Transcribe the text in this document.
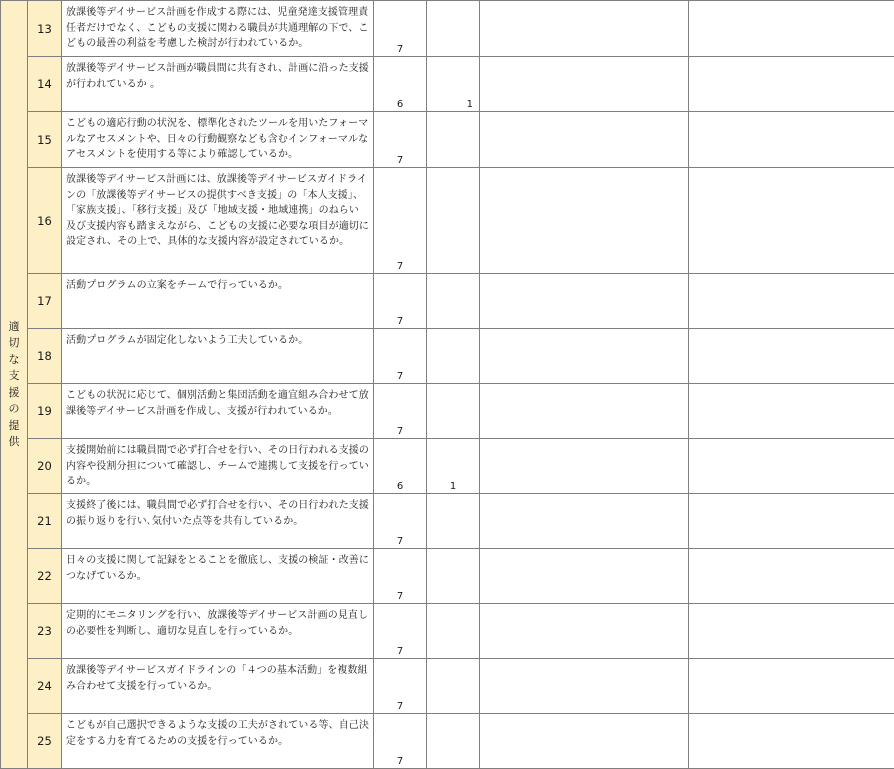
適切な支援の提供	13	放課後等デイサービス計画を作成する際には、児童発達支援管理責任者だけでなく、こどもの支援に関わる職員が共通理解の下で、こどもの最善の利益を考慮した検討が行われているか。	7			
	14	放課後等デイサービス計画が職員間に共有され、計画に沿った支援が行われているか 。	6	1		
	15	こどもの適応行動の状況を、標準化されたツールを用いたフォーマルなアセスメントや、日々の行動観察なども含むインフォーマルなアセスメントを使用する等により確認しているか。	7			
	16	放課後等デイサービス計画には、放課後等デイサービスガイドラインの「放課後等デイサービスの提供すべき支援」の「本人支援」、「家族支援」、「移行支援」及び「地域支援・地域連携」のねらい及び支援内容も踏まえながら、こどもの支援に必要な項目が適切に設定され、その上で、具体的な支援内容が設定されているか。	7			
	17	活動プログラムの立案をチームで行っているか。	7			
	18	活動プログラムが固定化しないよう工夫しているか。	7			
	19	こどもの状況に応じて、個別活動と集団活動を適宜組み合わせて放課後等デイサービス計画を作成し、支援が行われているか。	7			
	20	支援開始前には職員間で必ず打合せを行い、その日行われる支援の内容や役割分担について確認し、チームで連携して支援を行っているか。	6	1		
	21	支援終了後には、職員間で必ず打合せを行い、その日行われた支援の振り返りを行い､気付いた点等を共有しているか。	7			
	22	日々の支援に関して記録をとることを徹底し、支援の検証・改善につなげているか。	7			
	23	定期的にモニタリングを行い、放課後等デイサービス計画の見直しの必要性を判断し、適切な見直しを行っているか。	7			
	24	放課後等デイサービスガイドラインの「４つの基本活動」を複数組み合わせて支援を行っているか。	7			
	25	こどもが自己選択できるような支援の工夫がされている等、自己決定をする力を育てるための支援を行っているか。	7			
